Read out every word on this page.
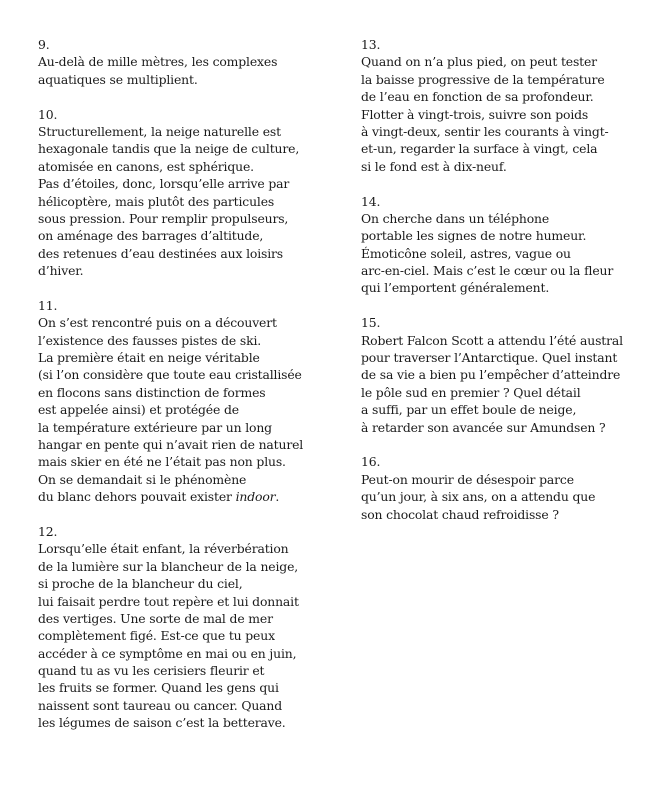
9.
Au-delà de mille mètres, les complexes
aquatiques se multiplient.
10.
Structurellement, la neige naturelle est
hexagonale tandis que la neige de culture,
atomisée en canons, est sphérique.
Pas d’étoiles, donc, lorsqu’elle arrive par
hélicoptère, mais plutôt des particules
sous pression. Pour remplir propulseurs,
on aménage des barrages d’altitude,
des retenues d’eau destinées aux loisirs
d’hiver.
11.
On s’est rencontré puis on a découvert
l’existence des fausses pistes de ski.
La première était en neige véritable
(si l’on considère que toute eau cristallisée
en flocons sans distinction de formes
est appelée ainsi) et protégée de
la température extérieure par un long
hangar en pente qui n’avait rien de naturel
mais skier en été ne l’était pas non plus.
On se demandait si le phénomène
du blanc dehors pouvait exister indoor.
12.
Lorsqu’elle était enfant, la réverbération
de la lumière sur la blancheur de la neige,
si proche de la blancheur du ciel,
lui faisait perdre tout repère et lui donnait
des vertiges. Une sorte de mal de mer
complètement figé. Est-ce que tu peux
accéder à ce symptôme en mai ou en juin,
quand tu as vu les cerisiers fleurir et
les fruits se former. Quand les gens qui
naissent sont taureau ou cancer. Quand
les légumes de saison c’est la betterave.
13.
Quand on n’a plus pied, on peut tester
la baisse progressive de la température
de l’eau en fonction de sa profondeur.
Flotter à vingt-trois, suivre son poids
à vingt-deux, sentir les courants à vingt-
et-un, regarder la surface à vingt, cela
si le fond est à dix-neuf.
14.
On cherche dans un téléphone
portable les signes de notre humeur.
Émoticône soleil, astres, vague ou
arc-en-ciel. Mais c’est le cœur ou la fleur
qui l’emportent généralement.
15.
Robert Falcon Scott a attendu l’été austral
pour traverser l’Antarctique. Quel instant
de sa vie a bien pu l’empêcher d’atteindre
le pôle sud en premier ? Quel détail
a suffi, par un effet boule de neige,
à retarder son avancée sur Amundsen ?
16.
Peut-on mourir de désespoir parce
qu’un jour, à six ans, on a attendu que
son chocolat chaud refroidisse ?
